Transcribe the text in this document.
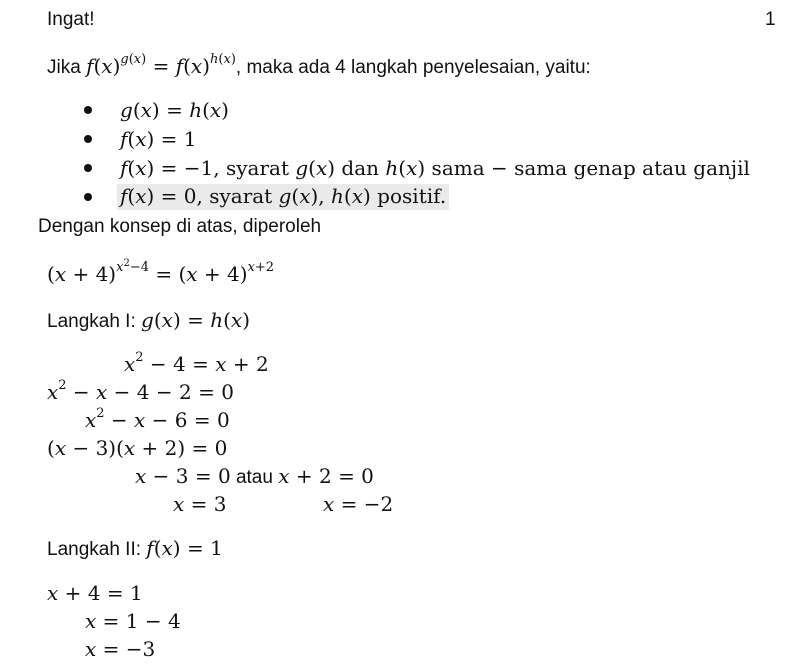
Ingat!	1
Jika $f(x)^{g(x)} = f(x)^{h(x)}$, maka ada 4 langkah penyelesaian, yaitu:
g(x) = h(x)
f(x) = 1
f(x) = −1, syarat g(x) dan h(x) sama − sama genap atau ganjil
f(x) = 0, syarat g(x), h(x) positif.
Dengan konsep di atas, diperoleh
$(x + 4)^{x^2-4} = (x + 4)^{x+2}$
Langkah I: g(x) = h(x)
$x^2 - 4 = x + 2$
$x^2 - x - 4 - 2 = 0$
$x^2 - x - 6 = 0$
(x − 3)(x + 2) = 0
x − 3 = 0 atau x + 2 = 0
x = 3	x = −2
Langkah II: f(x) = 1
x + 4 = 1
x = 1 − 4
x = −3
